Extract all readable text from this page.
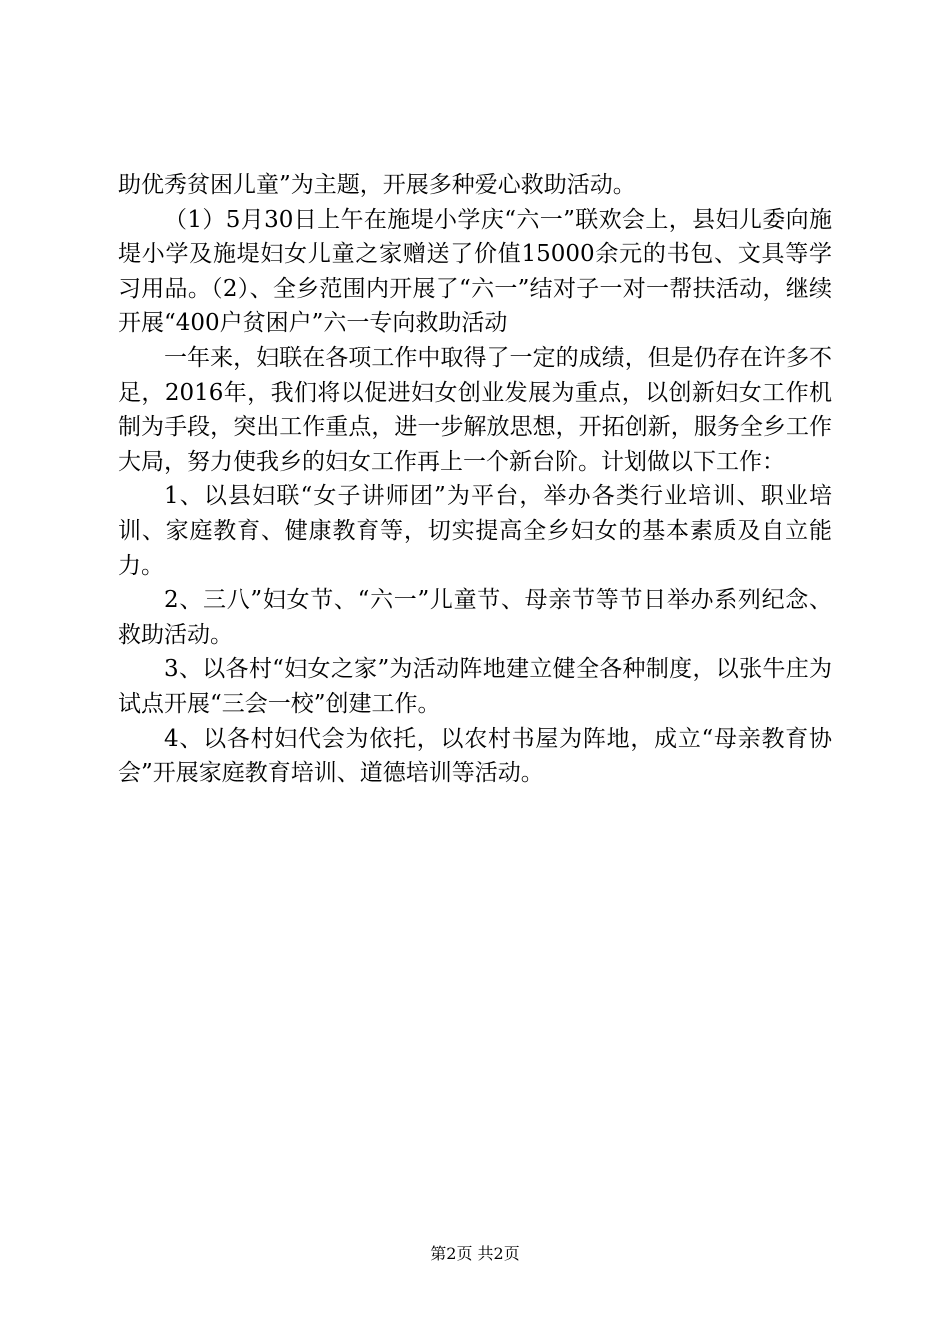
助优秀贫困儿童”为主题，开展多种爱心救助活动。

（1）5月30日上午在施堤小学庆“六一”联欢会上，县妇儿委向施堤小学及施堤妇女儿童之家赠送了价值15000余元的书包、文具等学习用品。（2）、全乡范围内开展了“六一”结对子一对一帮扶活动，继续开展“400户贫困户”六一专向救助活动

一年来，妇联在各项工作中取得了一定的成绩，但是仍存在许多不足，2016年，我们将以促进妇女创业发展为重点，以创新妇女工作机制为手段，突出工作重点，进一步解放思想，开拓创新，服务全乡工作大局，努力使我乡的妇女工作再上一个新台阶。计划做以下工作：

1、以县妇联“女子讲师团”为平台，举办各类行业培训、职业培训、家庭教育、健康教育等，切实提高全乡妇女的基本素质及自立能力。

2、三八”妇女节、“六一”儿童节、母亲节等节日举办系列纪念、救助活动。

3、以各村“妇女之家”为活动阵地建立健全各种制度，以张牛庄为试点开展“三会一校”创建工作。

4、以各村妇代会为依托，以农村书屋为阵地，成立“母亲教育协会”开展家庭教育培训、道德培训等活动。

第2页 共2页
